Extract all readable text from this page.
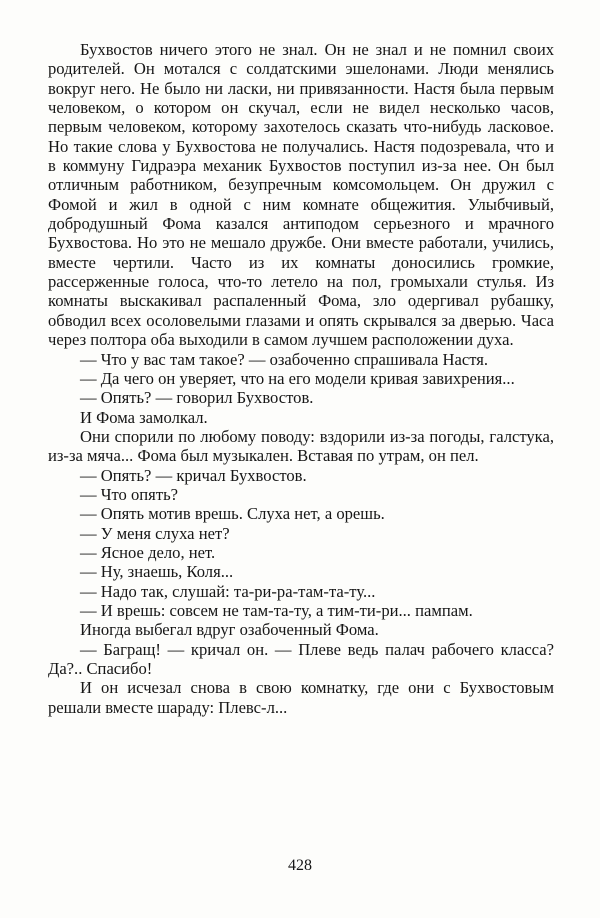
Бухвостов ничего этого не знал. Он не знал и не помнил своих родителей. Он мотался с солдатскими эшелонами. Люди менялись вокруг него. Не было ни ласки, ни привязанности. Настя была первым человеком, о котором он скучал, если не видел несколько часов, первым человеком, которому захотелось сказать что-нибудь ласковое. Но такие слова у Бухвостова не получались. Настя подозревала, что и в коммуну Гидраэра механик Бухвостов поступил из-за нее. Он был отличным работником, безупречным комсомольцем. Он дружил с Фомой и жил в одной с ним комнате общежития. Улыбчивый, добродушный Фома казался антиподом серьезного и мрачного Бухвостова. Но это не мешало дружбе. Они вместе работали, учились, вместе чертили. Часто из их комнаты доносились громкие, рассерженные голоса, что-то летело на пол, громыхали стулья. Из комнаты выскакивал распаленный Фома, зло одергивал рубашку, обводил всех осоловелыми глазами и опять скрывался за дверью. Часа через полтора оба выходили в самом лучшем расположении духа.

— Что у вас там такое? — озабоченно спрашивала Настя.

— Да чего он уверяет, что на его модели кривая завихрения...

— Опять? — говорил Бухвостов.

И Фома замолкал.

Они спорили по любому поводу: вздорили из-за погоды, галстука, из-за мяча... Фома был музыкален. Вставая по утрам, он пел.

— Опять? — кричал Бухвостов.

— Что опять?

— Опять мотив врешь. Слуха нет, а орешь.

— У меня слуха нет?

— Ясное дело, нет.

— Ну, знаешь, Коля...

— Надо так, слушай: та-ри-ра-там-та-ту...

— И врешь: совсем не там-та-ту, а тим-ти-ри... пампам.

Иногда выбегал вдруг озабоченный Фома.

— Багращ! — кричал он. — Плеве ведь палач рабочего класса? Да?.. Спасибо!

И он исчезал снова в свою комнатку, где они с Бухвостовым решали вместе шараду: Плевс-л...

428
